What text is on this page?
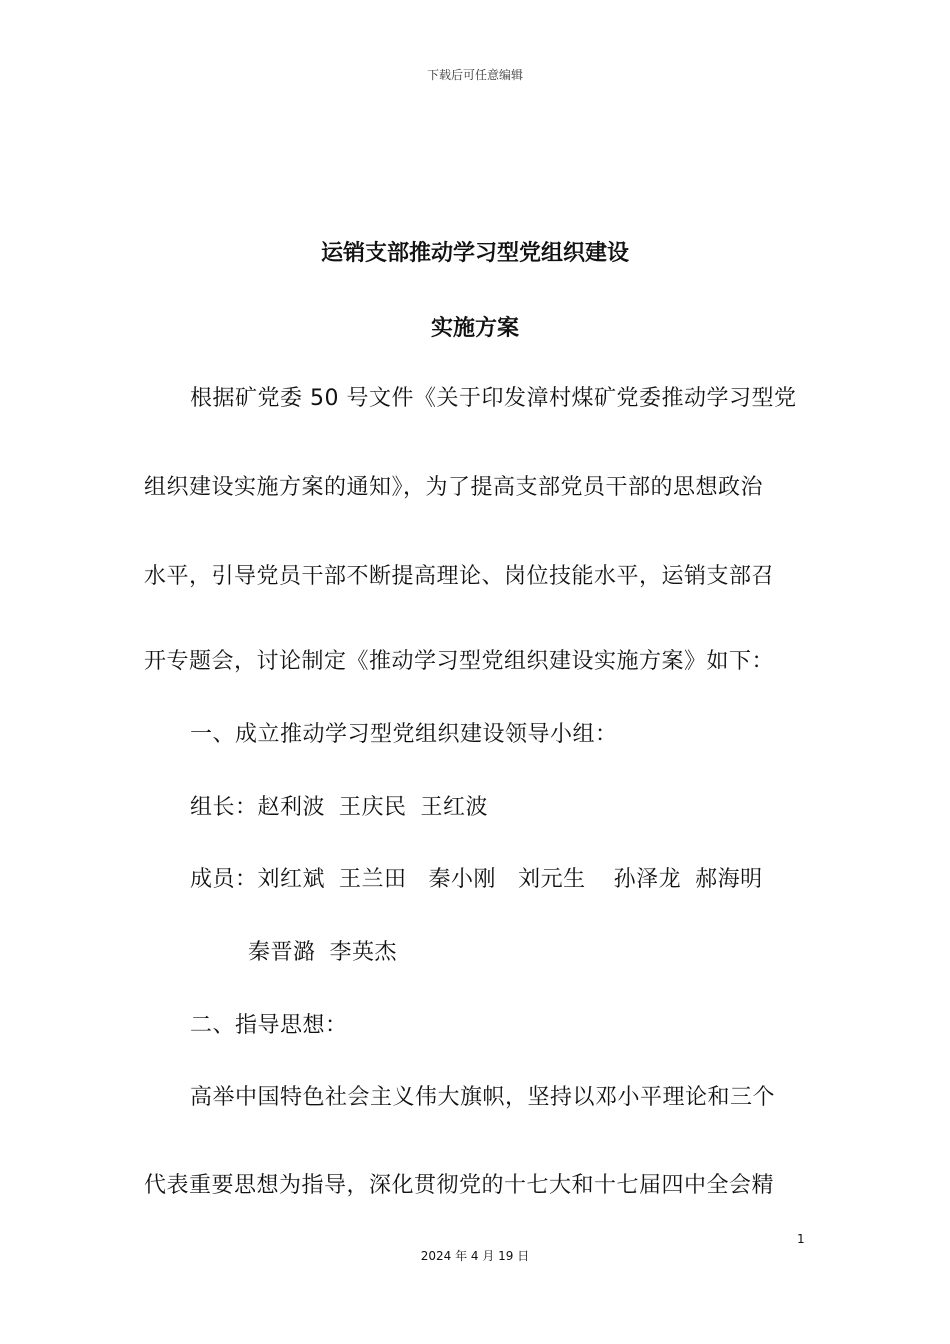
下载后可任意编辑
运销支部推动学习型党组织建设
实施方案
根据矿党委 50 号文件《关于印发漳村煤矿党委推动学习型党
组织建设实施方案的通知》，为了提高支部党员干部的思想政治
水平，引导党员干部不断提高理论、岗位技能水平，运销支部召
开专题会，讨论制定《推动学习型党组织建设实施方案》如下：
一、成立推动学习型党组织建设领导小组：
组长：赵利波 王庆民 王红波
成员：刘红斌 王兰田 秦小刚 刘元生 孙泽龙 郝海明
秦晋潞 李英杰
二、指导思想：
高举中国特色社会主义伟大旗帜，坚持以邓小平理论和三个
代表重要思想为指导，深化贯彻党的十七大和十七届四中全会精
1
2024 年 4 月 19 日
